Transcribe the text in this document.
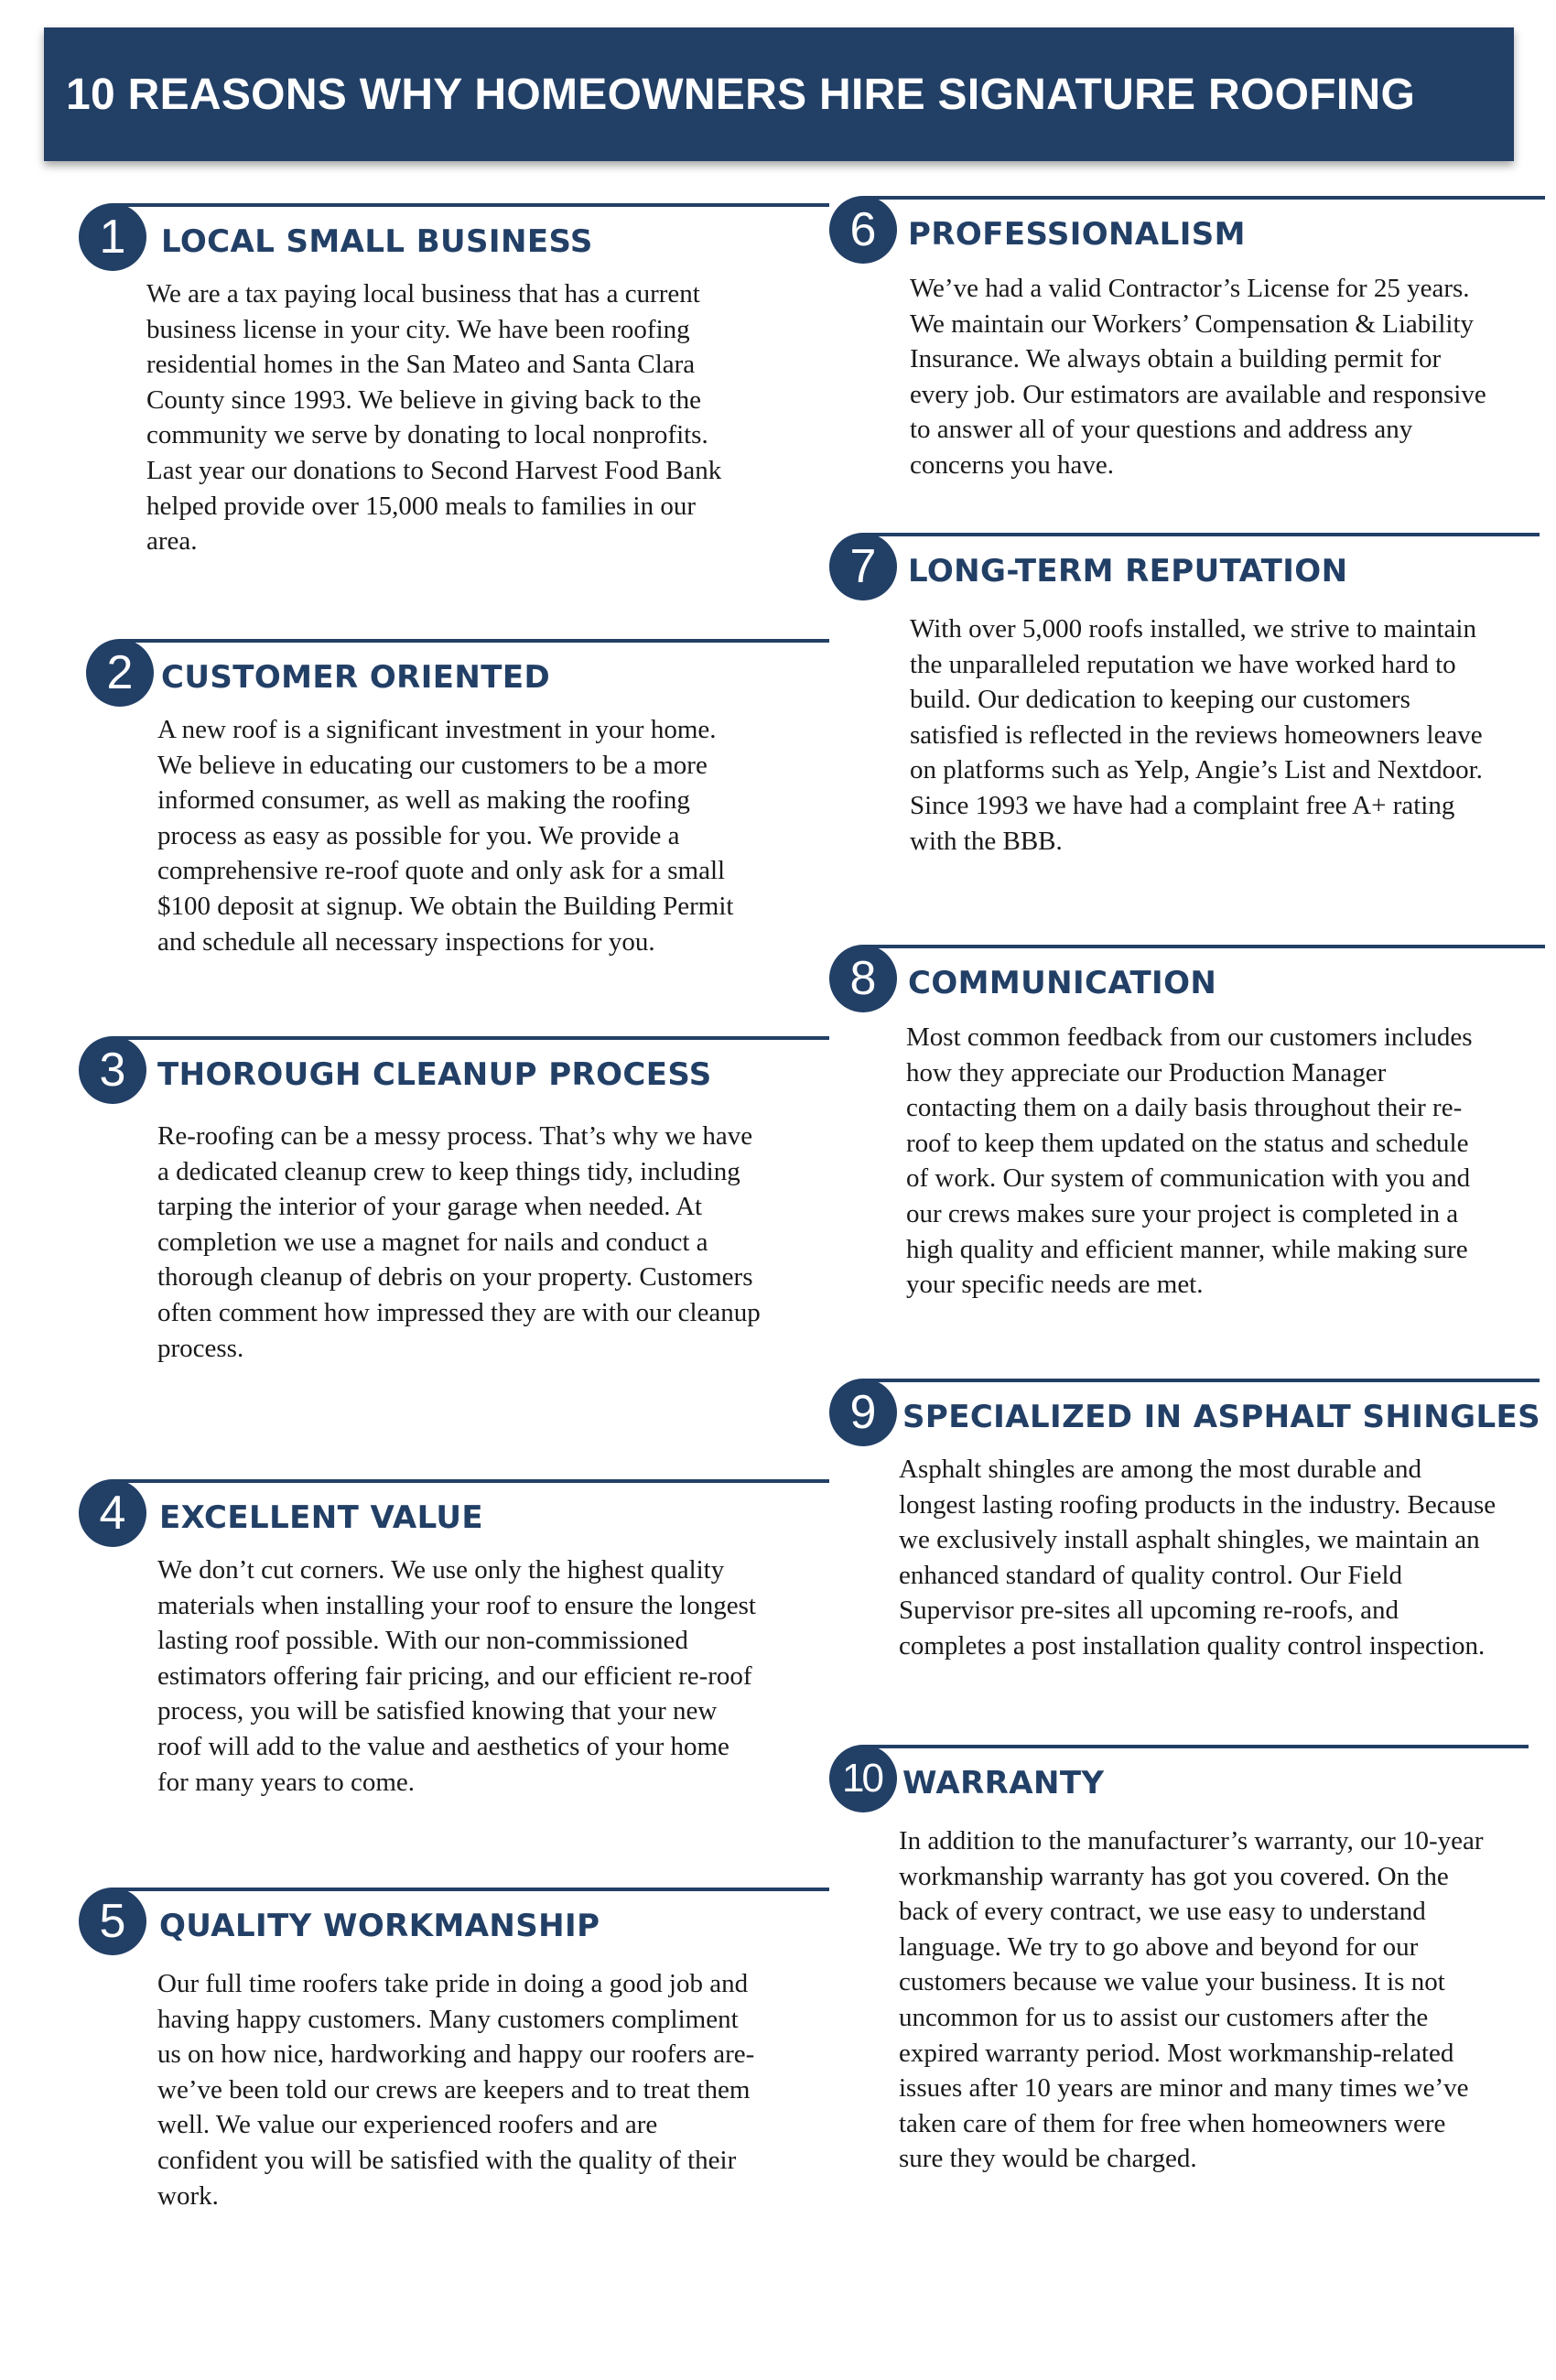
10 REASONS WHY HOMEOWNERS HIRE SIGNATURE ROOFING
1	LOCAL SMALL BUSINESS

We are a tax paying local business that has a current business license in your city. We have been roofing residential homes in the San Mateo and Santa Clara County since 1993. We believe in giving back to the community we serve by donating to local nonprofits. Last year our donations to Second Harvest Food Bank helped provide over 15,000 meals to families in our area.

2 CUSTOMER ORIENTED

A new roof is a significant investment in your home. We believe in educating our customers to be a more informed consumer, as well as making the roofing process as easy as possible for you. We provide a comprehensive re-roof quote and only ask for a small $100 deposit at signup. We obtain the Building Permit and schedule all necessary inspections for you.

3	THOROUGH CLEANUP PROCESS

Re-roofing can be a messy process. That’s why we have a dedicated cleanup crew to keep things tidy, including tarping the interior of your garage when needed. At completion we use a magnet for nails and conduct a thorough cleanup of debris on your property. Customers often comment how impressed they are with our cleanup process.

4	EXCELLENT VALUE

We don’t cut corners. We use only the highest quality materials when installing your roof to ensure the longest lasting roof possible. With our non-commissioned estimators offering fair pricing, and our efficient re-roof process, you will be satisfied knowing that your new roof will add to the value and aesthetics of your home for many years to come.

5	QUALITY WORKMANSHIP

Our full time roofers take pride in doing a good job and having happy customers. Many customers compliment us on how nice, hardworking and happy our roofers are- we’ve been told our crews are keepers and to treat them well. We value our experienced roofers and are confident you will be satisfied with the quality of their work.

6	PROFESSIONALISM

We’ve had a valid Contractor’s License for 25 years. We maintain our Workers’ Compensation & Liability Insurance. We always obtain a building permit for every job. Our estimators are available and responsive to answer all of your questions and address any concerns you have.

7	LONG-TERM REPUTATION

With over 5,000 roofs installed, we strive to maintain the unparalleled reputation we have worked hard to build. Our dedication to keeping our customers satisfied is reflected in the reviews homeowners leave on platforms such as Yelp, Angie’s List and Nextdoor. Since 1993 we have had a complaint free A+ rating with the BBB.

8	COMMUNICATION

Most common feedback from our customers includes how they appreciate our Production Manager contacting them on a daily basis throughout their re-roof to keep them updated on the status and schedule of work. Our system of communication with you and our crews makes sure your project is completed in a high quality and efficient manner, while making sure your specific needs are met.

9 SPECIALIZED IN ASPHALT SHINGLES

Asphalt shingles are among the most durable and longest lasting roofing products in the industry. Because we exclusively install asphalt shingles, we maintain an enhanced standard of quality control. Our Field Supervisor pre-sites all upcoming re-roofs, and completes a post installation quality control inspection.

10 WARRANTY

In addition to the manufacturer’s warranty, our 10-year workmanship warranty has got you covered. On the back of every contract, we use easy to understand language. We try to go above and beyond for our customers because we value your business. It is not uncommon for us to assist our customers after the expired warranty period. Most workmanship-related issues after 10 years are minor and many times we’ve taken care of them for free when homeowners were sure they would be charged.
